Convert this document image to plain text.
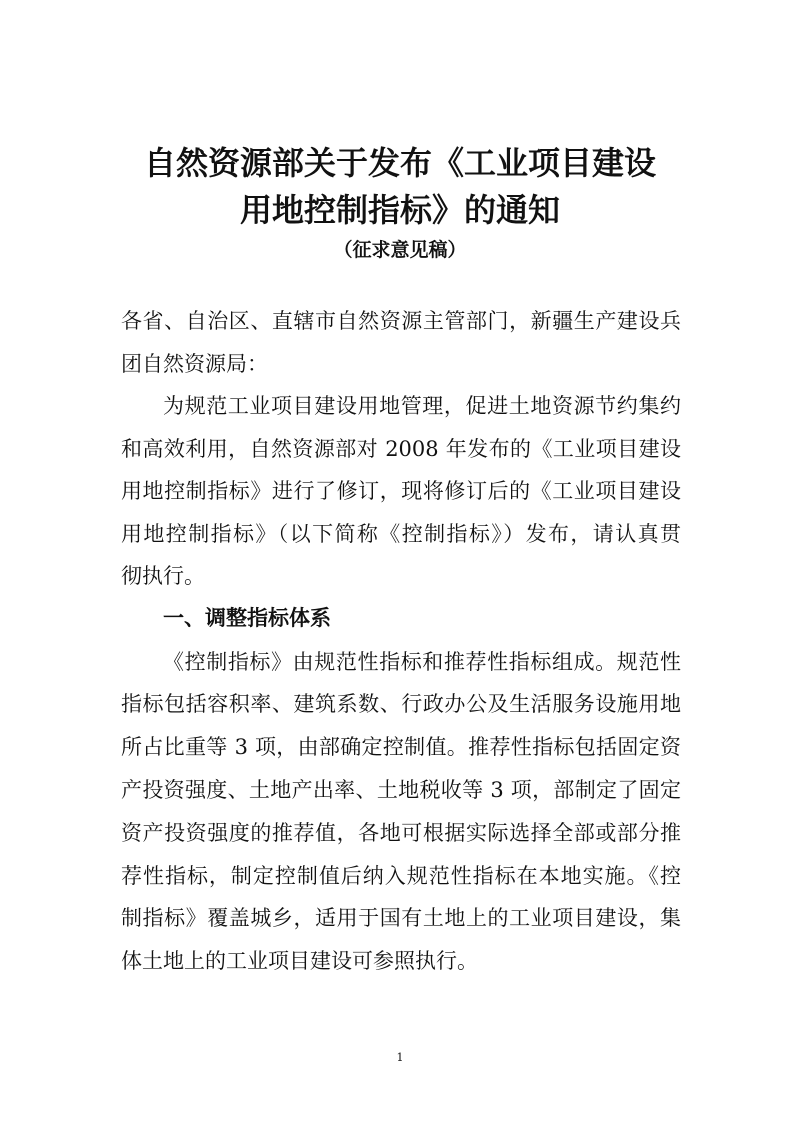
自然资源部关于发布《工业项目建设
用地控制指标》的通知
（征求意见稿）
各省、自治区、直辖市自然资源主管部门，新疆生产建设兵
团自然资源局：
为规范工业项目建设用地管理，促进土地资源节约集约
和高效利用，自然资源部对 2008 年发布的《工业项目建设
用地控制指标》进行了修订，现将修订后的《工业项目建设
用地控制指标》（以下简称《控制指标》）发布，请认真贯
彻执行。
一、调整指标体系
《控制指标》由规范性指标和推荐性指标组成。规范性
指标包括容积率、建筑系数、行政办公及生活服务设施用地
所占比重等 3 项，由部确定控制值。推荐性指标包括固定资
产投资强度、土地产出率、土地税收等 3 项，部制定了固定
资产投资强度的推荐值，各地可根据实际选择全部或部分推
荐性指标，制定控制值后纳入规范性指标在本地实施。《控
制指标》覆盖城乡，适用于国有土地上的工业项目建设，集
体土地上的工业项目建设可参照执行。
1
